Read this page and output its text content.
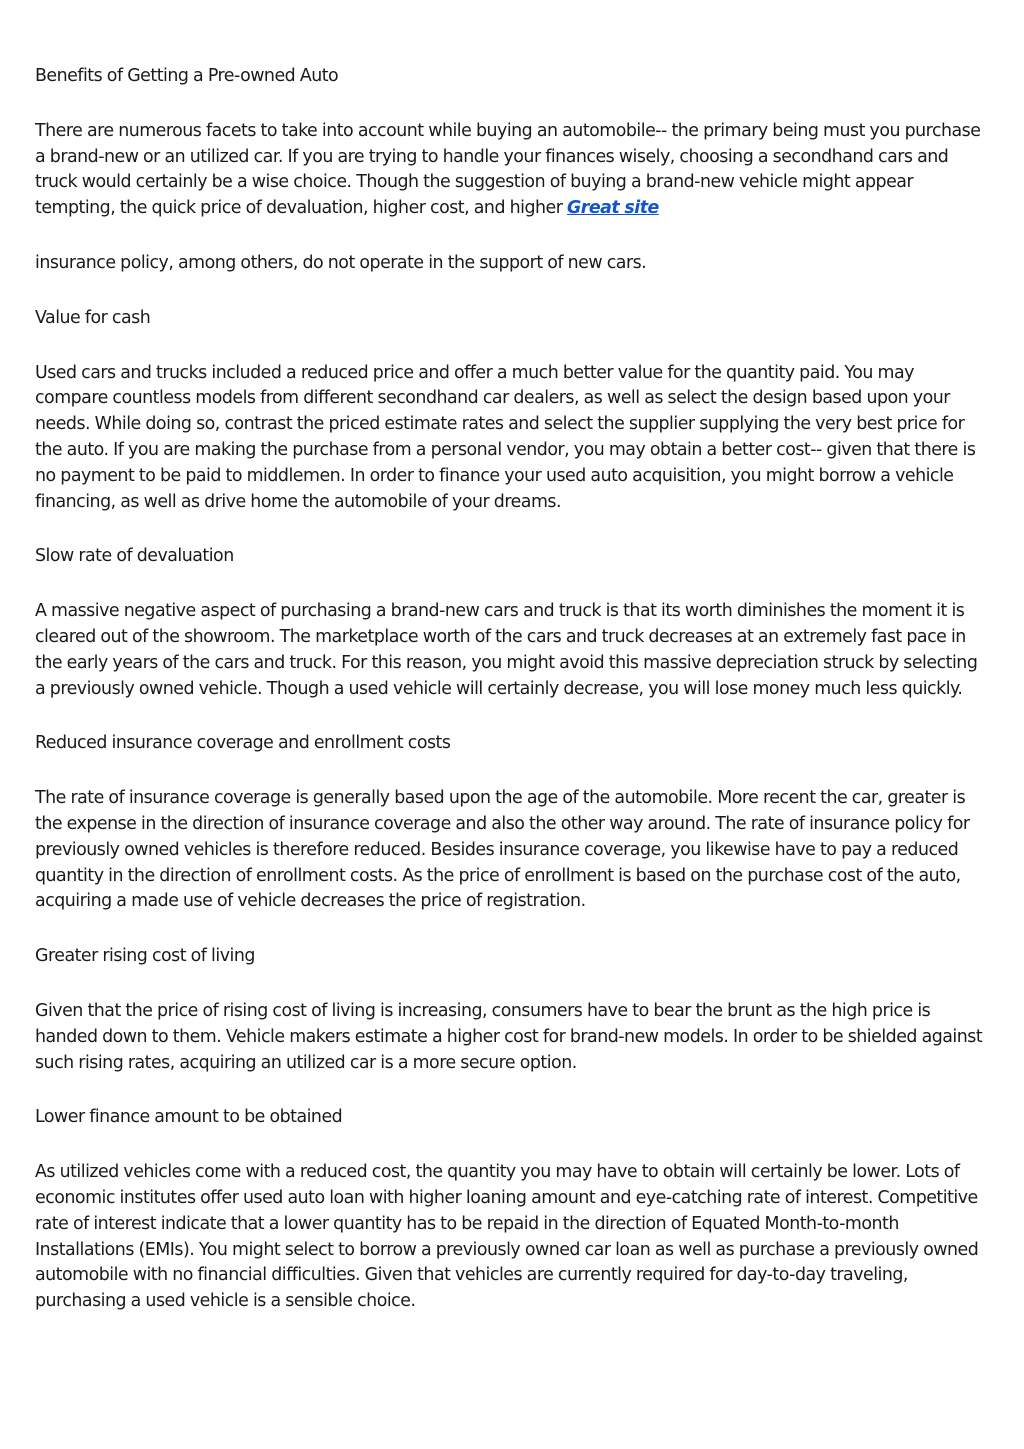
Benefits of Getting a Pre-owned Auto

There are numerous facets to take into account while buying an automobile-- the primary being must you purchase a brand-new or an utilized car. If you are trying to handle your finances wisely, choosing a secondhand cars and truck would certainly be a wise choice. Though the suggestion of buying a brand-new vehicle might appear tempting, the quick price of devaluation, higher cost, and higher Great site

insurance policy, among others, do not operate in the support of new cars.

Value for cash

Used cars and trucks included a reduced price and offer a much better value for the quantity paid. You may compare countless models from different secondhand car dealers, as well as select the design based upon your needs. While doing so, contrast the priced estimate rates and select the supplier supplying the very best price for the auto. If you are making the purchase from a personal vendor, you may obtain a better cost-- given that there is no payment to be paid to middlemen. In order to finance your used auto acquisition, you might borrow a vehicle financing, as well as drive home the automobile of your dreams.

Slow rate of devaluation

A massive negative aspect of purchasing a brand-new cars and truck is that its worth diminishes the moment it is cleared out of the showroom. The marketplace worth of the cars and truck decreases at an extremely fast pace in the early years of the cars and truck. For this reason, you might avoid this massive depreciation struck by selecting a previously owned vehicle. Though a used vehicle will certainly decrease, you will lose money much less quickly.

Reduced insurance coverage and enrollment costs

The rate of insurance coverage is generally based upon the age of the automobile. More recent the car, greater is the expense in the direction of insurance coverage and also the other way around. The rate of insurance policy for previously owned vehicles is therefore reduced. Besides insurance coverage, you likewise have to pay a reduced quantity in the direction of enrollment costs. As the price of enrollment is based on the purchase cost of the auto, acquiring a made use of vehicle decreases the price of registration.

Greater rising cost of living

Given that the price of rising cost of living is increasing, consumers have to bear the brunt as the high price is handed down to them. Vehicle makers estimate a higher cost for brand-new models. In order to be shielded against such rising rates, acquiring an utilized car is a more secure option.

Lower finance amount to be obtained

As utilized vehicles come with a reduced cost, the quantity you may have to obtain will certainly be lower. Lots of economic institutes offer used auto loan with higher loaning amount and eye-catching rate of interest. Competitive rate of interest indicate that a lower quantity has to be repaid in the direction of Equated Month-to-month Installations (EMIs). You might select to borrow a previously owned car loan as well as purchase a previously owned automobile with no financial difficulties. Given that vehicles are currently required for day-to-day traveling, purchasing a used vehicle is a sensible choice.
